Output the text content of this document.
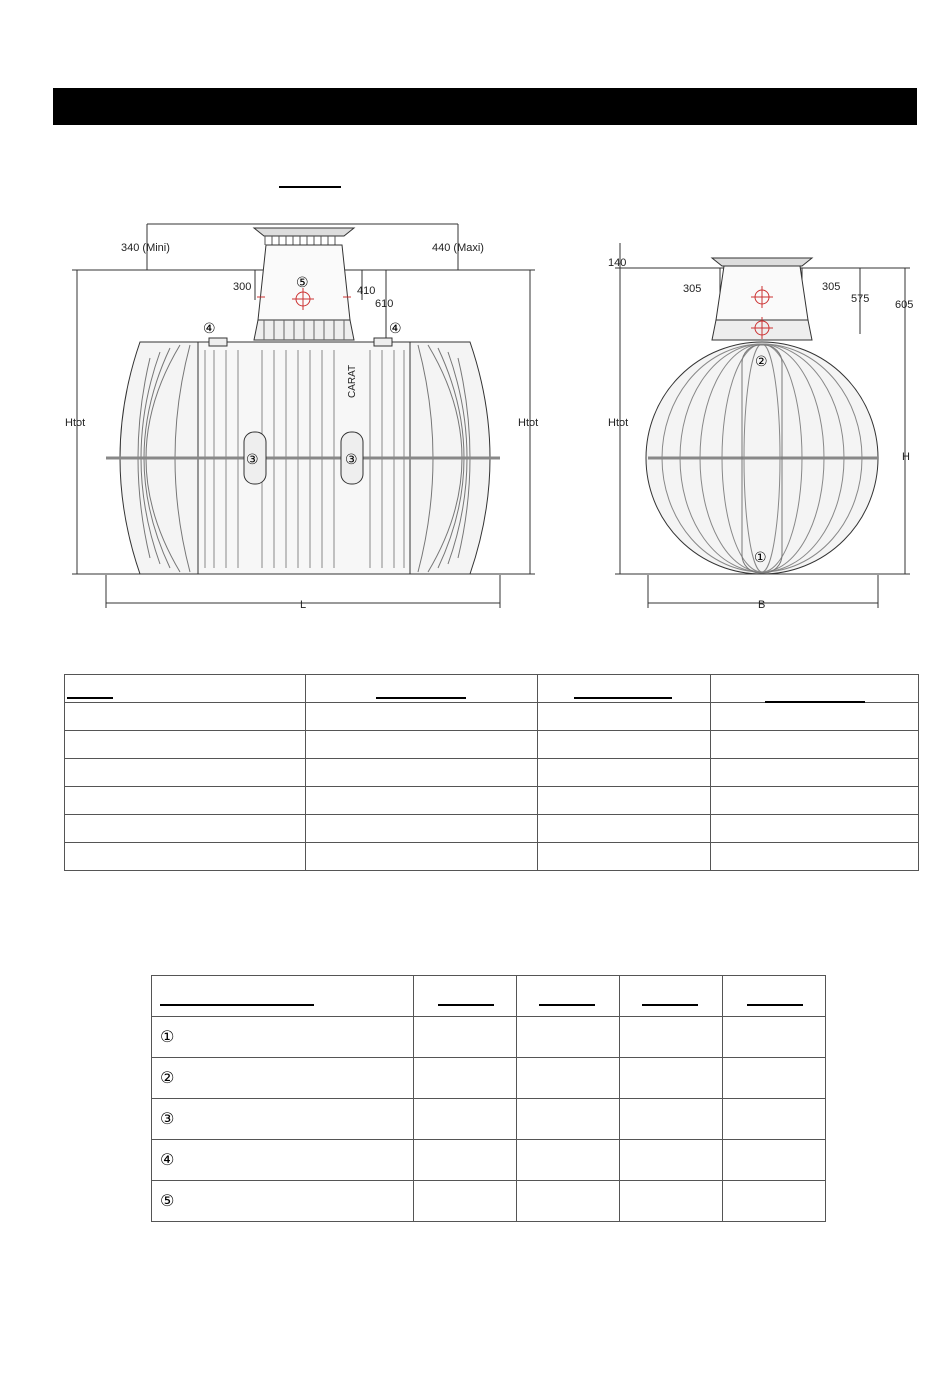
340 (Mini)	440 (Maxi)
300	410
610
Htot	Htot
L
140
305	305
575 605
Htot
H
B
⑤
④	④
③	③
②
①
CARAT

①				

②				

③				

④				

⑤				
